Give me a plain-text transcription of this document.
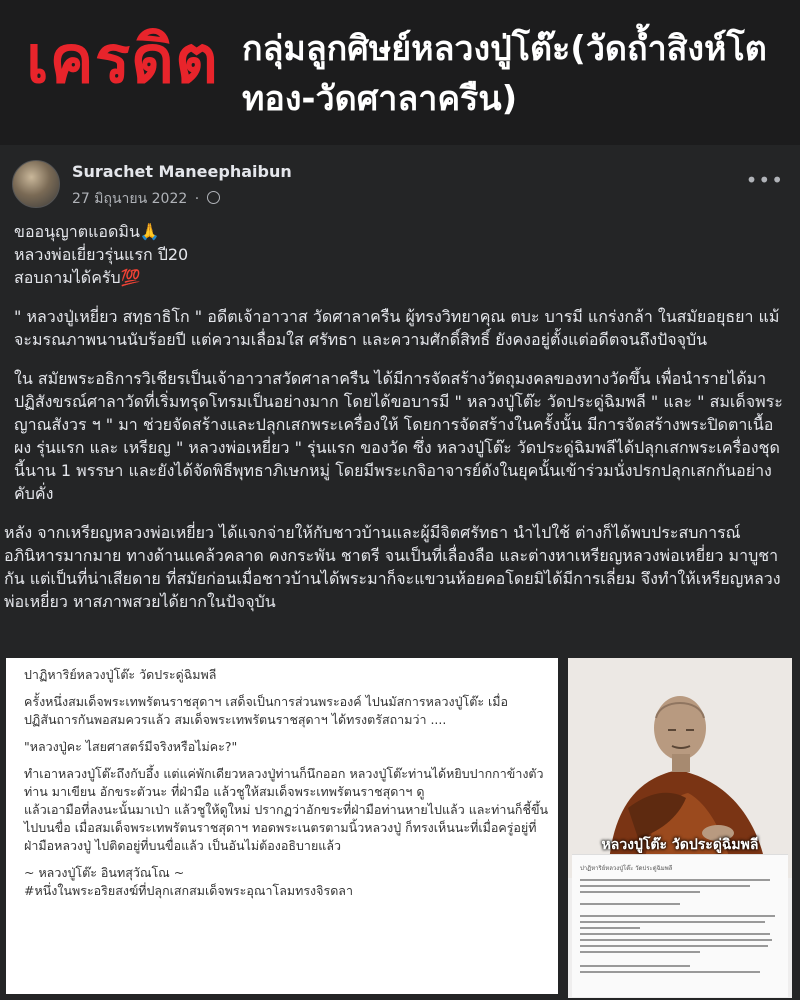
เครดิต กลุ่มลูกศิษย์หลวงปู่โต๊ะ(วัดถ้ำสิงห์โตทอง-วัดศาลาครืน)
Surachet Maneephaibun
27 มิถุนายน 2022 ·
•••

ขออนุญาตแอดมิน🙏
หลวงพ่อเยี่ยวรุ่นแรก ปี20
สอบถามได้ครับ💯

" หลวงปู่เหยี่ยว สทฺธาธิโก " อดีตเจ้าอาวาส วัดศาลาครืน ผู้ทรงวิทยาคุณ ตบะ บารมี แกร่งกล้า ในสมัยอยุธยา แม้จะมรณภาพนานนับร้อยปี แต่ความเลื่อมใส ศรัทธา และความศักดิ์สิทธิ์ ยังคงอยู่ตั้งแต่อดีตจนถึงปัจจุบัน

ใน สมัยพระอธิการวิเชียรเป็นเจ้าอาวาสวัดศาลาครืน ได้มีการจัดสร้างวัตถุมงคลของทางวัดขึ้น เพื่อนำรายได้มาปฏิสังขรณ์ศาลาวัดที่เริ่มทรุดโทรมเป็นอย่างมาก โดยได้ขอบารมี " หลวงปู่โต๊ะ วัดประดู่ฉิมพลี " และ " สมเด็จพระญาณสังวร ฯ " มา ช่วยจัดสร้างและปลุกเสกพระเครื่องให้ โดยการจัดสร้างในครั้งนั้น มีการจัดสร้างพระปิดตาเนื้อผง รุ่นแรก และ เหรียญ " หลวงพ่อเหยี่ยว " รุ่นแรก ของวัด ซึ่ง หลวงปู่โต๊ะ วัดประดู่ฉิมพลีได้ปลุกเสกพระเครื่องชุดนี้นาน 1 พรรษา และยังได้จัดพิธีพุทธาภิเษกหมู่ โดยมีพระเกจิอาจารย์ดังในยุคนั้นเข้าร่วมนั่งปรกปลุกเสกกันอย่างคับคั่ง

หลัง จากเหรียญหลวงพ่อเหยี่ยว ได้แจกจ่ายให้กับชาวบ้านและผู้มีจิตศรัทธา นำไปใช้ ต่างก็ได้พบประสบการณ์ อภินิหารมากมาย ทางด้านแคล้วคลาด คงกระพัน ชาตรี จนเป็นที่เลื่องลือ และต่างหาเหรียญหลวงพ่อเหยี่ยว มาบูชากัน แต่เป็นที่น่าเสียดาย ที่สมัยก่อนเมื่อชาวบ้านได้พระมาก็จะแขวนห้อยคอโดยมิได้มีการเลี่ยม จึงทำให้เหรียญหลวงพ่อเหยี่ยว หาสภาพสวยได้ยากในปัจจุบัน

ปาฏิหาริย์หลวงปู่โต๊ะ วัดประดู่ฉิมพลี

ครั้งหนึ่งสมเด็จพระเทพรัตนราชสุดาฯ เสด็จเป็นการส่วนพระองค์ ไปนมัสการหลวงปู่โต๊ะ เมื่อปฏิสันถารกันพอสมควรแล้ว สมเด็จพระเทพรัตนราชสุดาฯ ได้ทรงตรัสถามว่า ....

"หลวงปู่คะ ไสยศาสตร์มีจริงหรือไม่คะ?"

ทำเอาหลวงปู่โต๊ะถึงกับอึ้ง แต่แค่พักเดียวหลวงปู่ท่านก็นึกออก หลวงปู่โต๊ะท่านได้หยิบปากกาข้างตัวท่าน มาเขียน อักขระตัวนะ ที่ฝ่ามือ แล้วชูให้สมเด็จพระเทพรัตนราชสุดาฯ ดู
แล้วเอามือที่ลงนะนั้นมาเป่า แล้วชูให้ดูใหม่ ปรากฏว่าอักขระที่ฝ่ามือท่านหายไปแล้ว และท่านก็ชี้ขึ้นไปบนขื่อ เมื่อสมเด็จพระเทพรัตนราชสุดาฯ ทอดพระเนตรตามนิ้วหลวงปู่ ก็ทรงเห็นนะที่เมื่อครู่อยู่ที่ฝ่ามือหลวงปู่ ไปติดอยู่ที่บนขื่อแล้ว เป็นอันไม่ต้องอธิบายแล้ว

~ หลวงปู่โต๊ะ อินทสุวัณโณ ~
#หนึ่งในพระอริยสงฆ์ที่ปลุกเสกสมเด็จพระอุณาโลมทรงจิรดลา

หลวงปู่โต๊ะ วัดประดู่ฉิมพลี
ปาฏิหาริย์หลวงปู่โต๊ะ วัดประดู่ฉิมพลี
